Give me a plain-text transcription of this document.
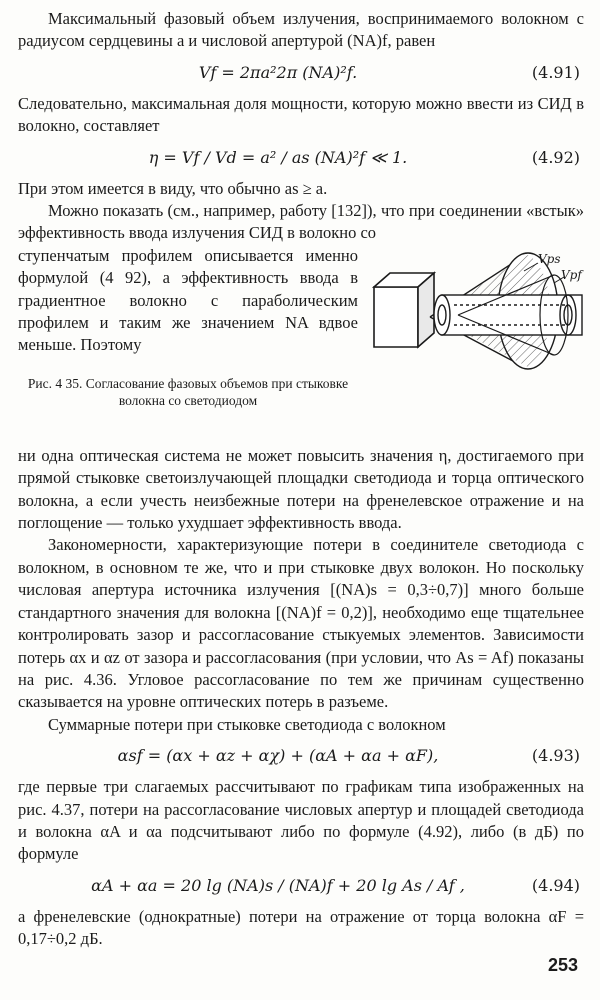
Максимальный фазовый объем излучения, воспринимаемого волокном с радиусом сердцевины a и числовой апертурой (NA)f, равен

Vf = 2πa²2π (NA)²f.	(4.91)

Следовательно, максимальная доля мощности, которую можно ввести из СИД в волокно, составляет

η = Vf / Vd = a² / as (NA)²f ≪ 1.	(4.92)

При этом имеется в виду, что обычно as ≥ a.

Можно показать (см., например, работу [132]), что при соединении «встык» эффективность ввода излучения СИД в волокно со

ступенчатым профилем описывается именно формулой (4 92), а эффективность ввода в градиентное волокно с параболическим профилем и таким же значением NA вдвое меньше. Поэтому

Vps
Vpf
Рис. 4 35. Согласование фазовых объемов при стыковке волокна со светодиодом

ни одна оптическая система не может повысить значения η, достигаемого при прямой стыковке светоизлучающей площадки светодиода и торца оптического волокна, а если учесть неизбежные потери на френелевское отражение и на поглощение — только ухудшает эффективность ввода.

Закономерности, характеризующие потери в соединителе светодиода с волокном, в основном те же, что и при стыковке двух волокон. Но поскольку числовая апертура источника излучения [(NA)s = 0,3÷0,7)] много больше стандартного значения для волокна [(NA)f = 0,2)], необходимо еще тщательнее контролировать зазор и рассогласование стыкуемых элементов. Зависимости потерь αx и αz от зазора и рассогласования (при условии, что As = Af) показаны на рис. 4.36. Угловое рассогласование по тем же причинам существенно сказывается на уровне оптических потерь в разъеме.

Суммарные потери при стыковке светодиода с волокном

αsf = (αx + αz + αχ) + (αA + αa + αF),	(4.93)

где первые три слагаемых рассчитывают по графикам типа изображенных на рис. 4.37, потери на рассогласование числовых апертур и площадей светодиода и волокна αA и αa подсчитывают либо по формуле (4.92), либо (в дБ) по формуле

αA + αa = 20 lg (NA)s / (NA)f + 20 lg As / Af ,	(4.94)

а френелевские (однократные) потери на отражение от торца волокна αF = 0,17÷0,2 дБ.

253
